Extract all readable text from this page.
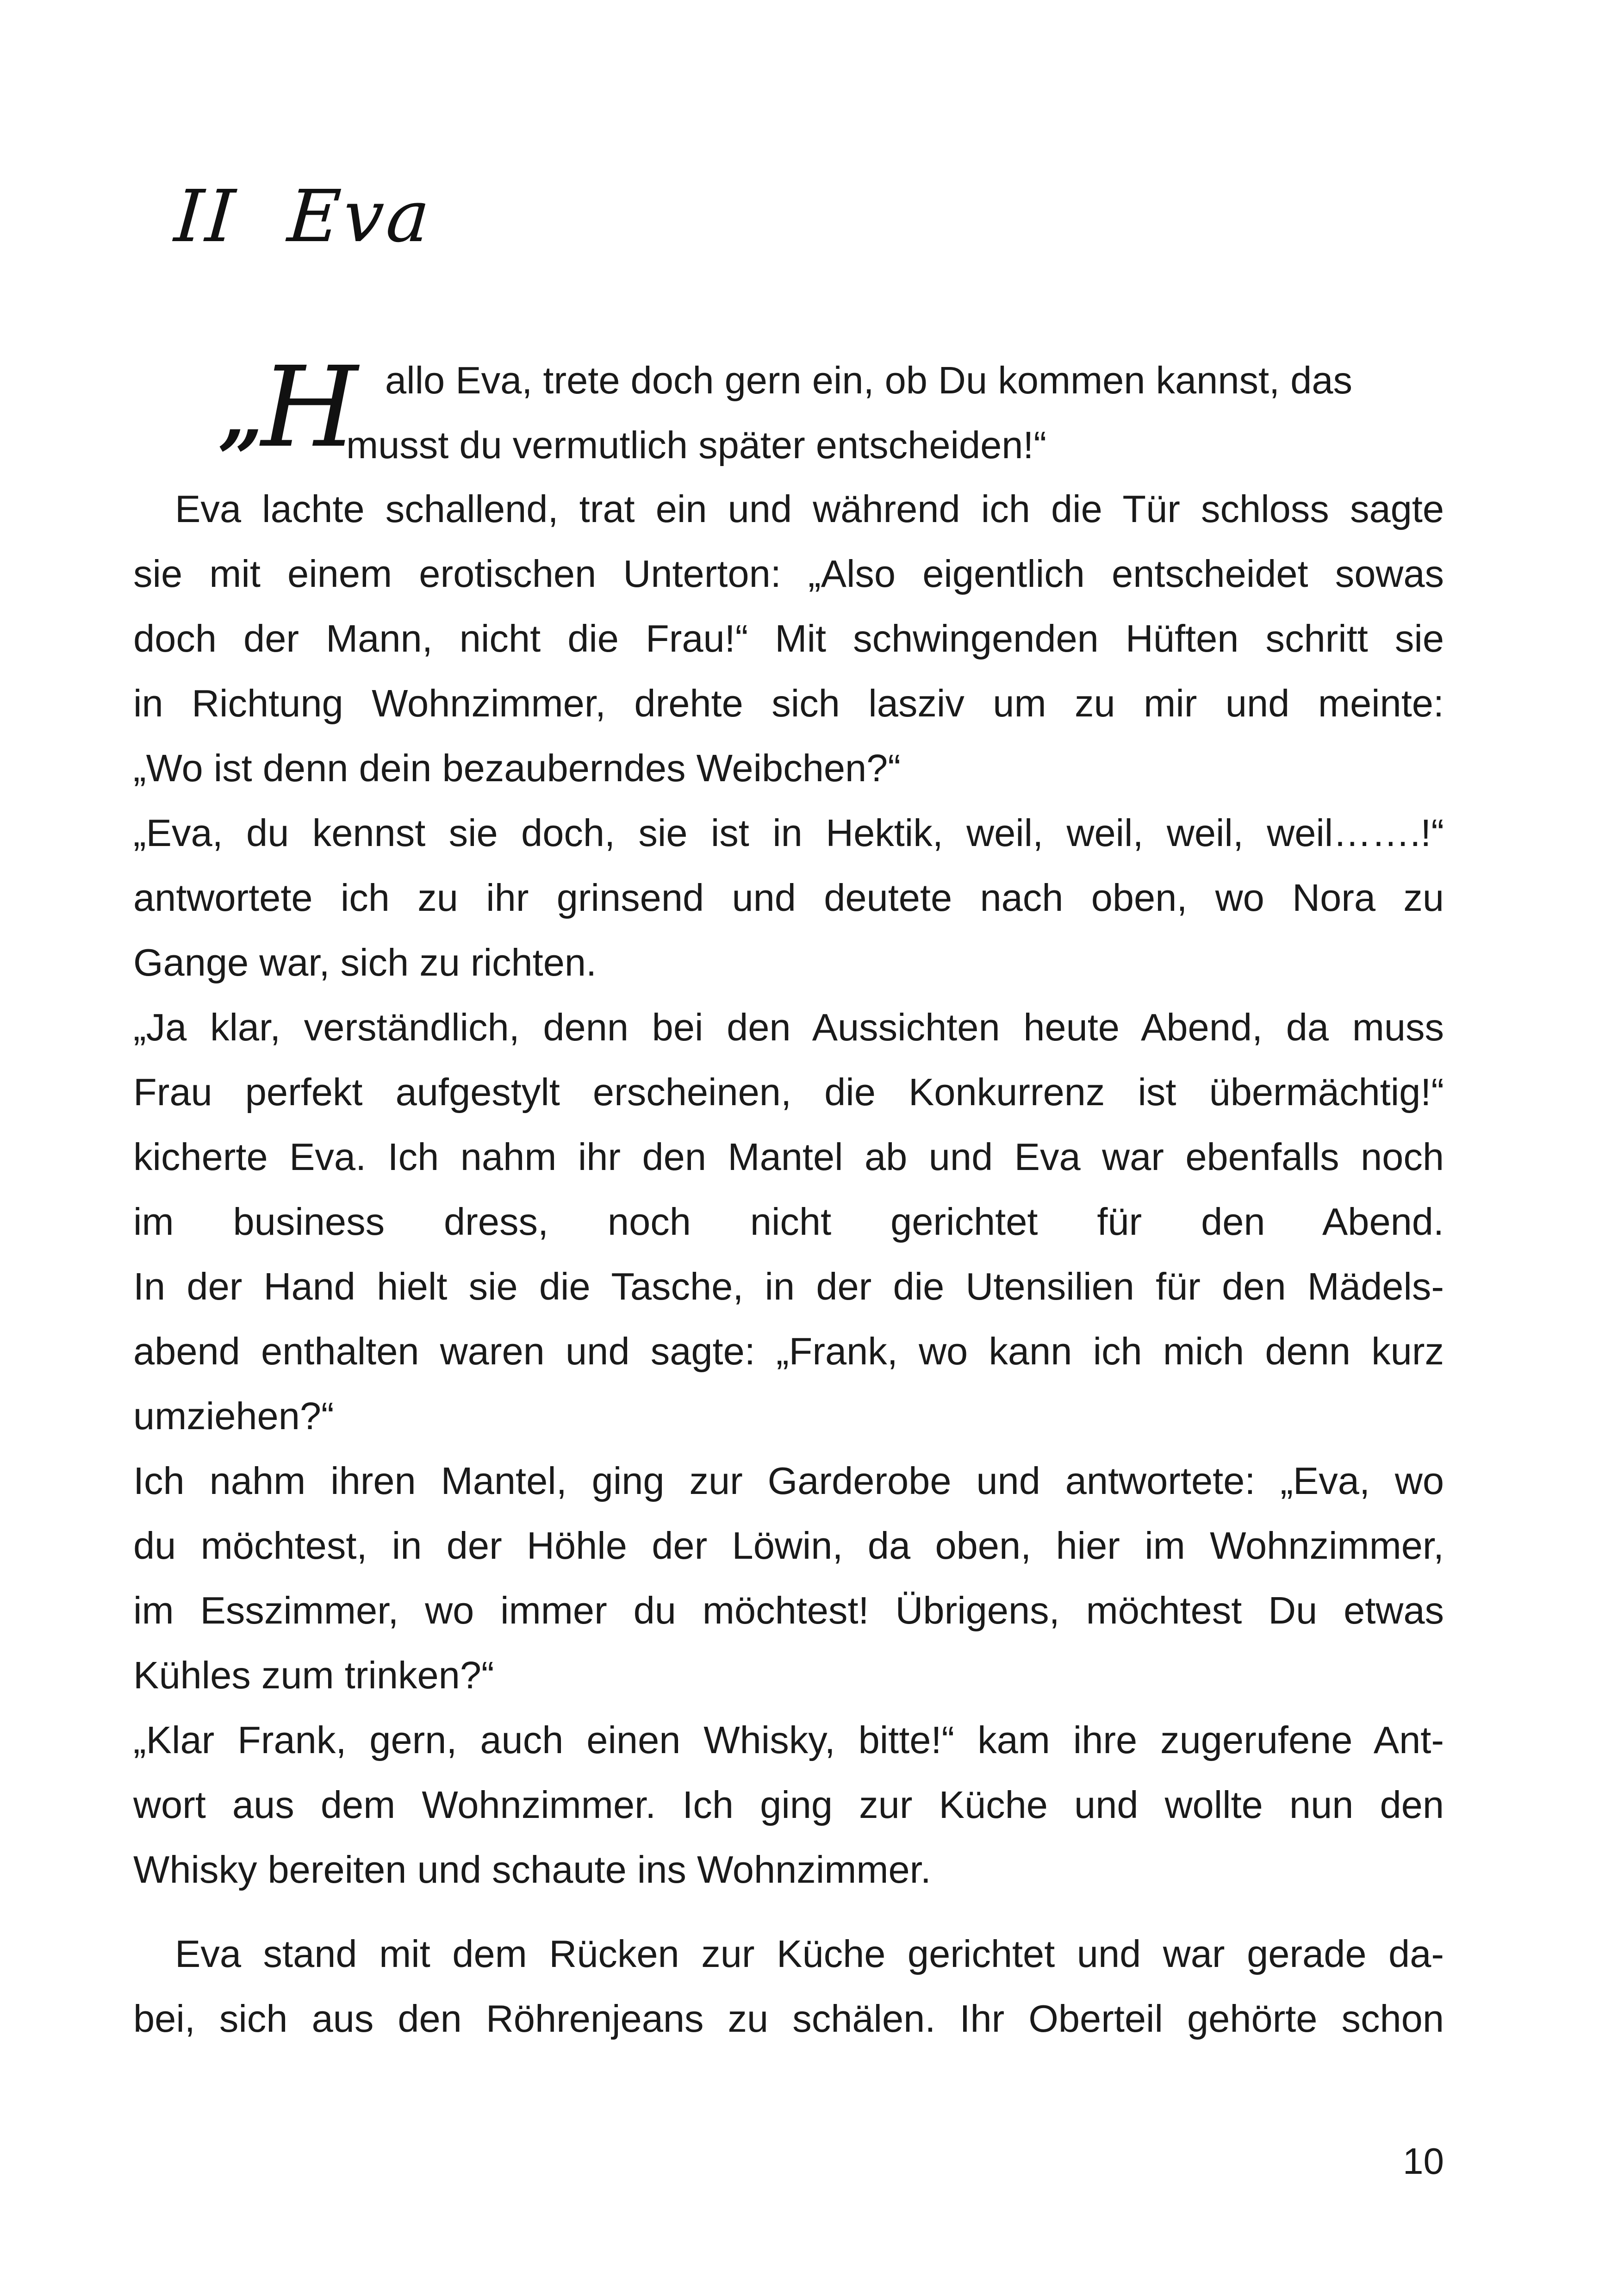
II Eva
„
H allo Eva, trete doch gern ein, ob Du kommen kannst, das
musst du vermutlich später entscheiden!“
Eva lachte schallend, trat ein und während ich die Tür schloss sagte
sie mit einem erotischen Unterton: „Also eigentlich entscheidet sowas
doch der Mann, nicht die Frau!“ Mit schwingenden Hüften schritt sie
in Richtung Wohnzimmer, drehte sich lasziv um zu mir und meinte:
„Wo ist denn dein bezauberndes Weibchen?“
„Eva, du kennst sie doch, sie ist in Hektik, weil, weil, weil, weil…….!“
antwortete ich zu ihr grinsend und deutete nach oben, wo Nora zu
Gange war, sich zu richten.
„Ja klar, verständlich, denn bei den Aussichten heute Abend, da muss
Frau perfekt aufgestylt erscheinen, die Konkurrenz ist übermächtig!“
kicherte Eva. Ich nahm ihr den Mantel ab und Eva war ebenfalls noch
im business dress, noch nicht gerichtet für den Abend.
In der Hand hielt sie die Tasche, in der die Utensilien für den Mädels-
abend enthalten waren und sagte: „Frank, wo kann ich mich denn kurz
umziehen?“
Ich nahm ihren Mantel, ging zur Garderobe und antwortete: „Eva, wo
du möchtest, in der Höhle der Löwin, da oben, hier im Wohnzimmer,
im Esszimmer, wo immer du möchtest! Übrigens, möchtest Du etwas
Kühles zum trinken?“
„Klar Frank, gern, auch einen Whisky, bitte!“ kam ihre zugerufene Ant-
wort aus dem Wohnzimmer. Ich ging zur Küche und wollte nun den
Whisky bereiten und schaute ins Wohnzimmer.
Eva stand mit dem Rücken zur Küche gerichtet und war gerade da-
bei, sich aus den Röhrenjeans zu schälen. Ihr Oberteil gehörte schon
10
